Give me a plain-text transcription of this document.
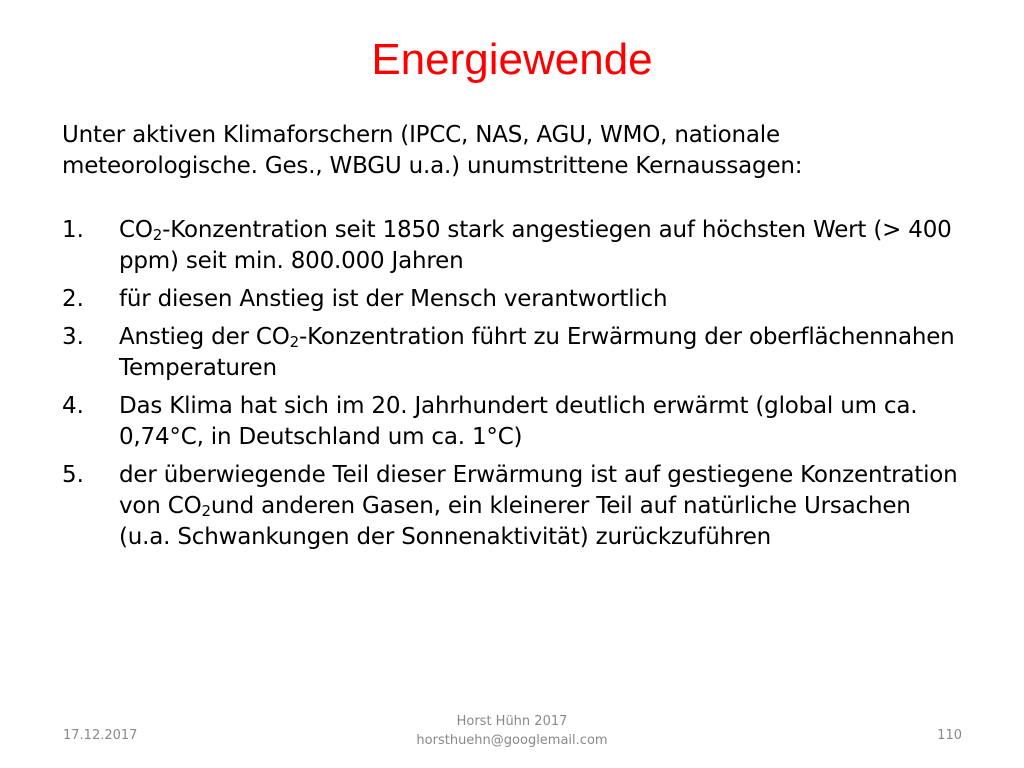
Energiewende

Unter aktiven Klimaforschern (IPCC, NAS, AGU, WMO, nationale meteorologische. Ges., WBGU u.a.) unumstrittene Kernaussagen:

1.	$CO_2$-Konzentration seit 1850 stark angestiegen auf höchsten Wert (> 400 ppm) seit min. 800.000 Jahren
2.	für diesen Anstieg ist der Mensch verantwortlich
3.	Anstieg der $CO_2$-Konzentration führt zu Erwärmung der oberflächennahen Temperaturen
4.	Das Klima hat sich im 20. Jahrhundert deutlich erwärmt (global um ca. 0,74°C, in Deutschland um ca. 1°C)
5.	der überwiegende Teil dieser Erwärmung ist auf gestiegene Konzentration von $CO_2und$ anderen Gasen, ein kleinerer Teil auf natürliche Ursachen (u.a. Schwankungen der Sonnenaktivität) zurückzuführen
17.12.2017
Horst Hühn 2017
horsthuehn@googlemail.com	110
